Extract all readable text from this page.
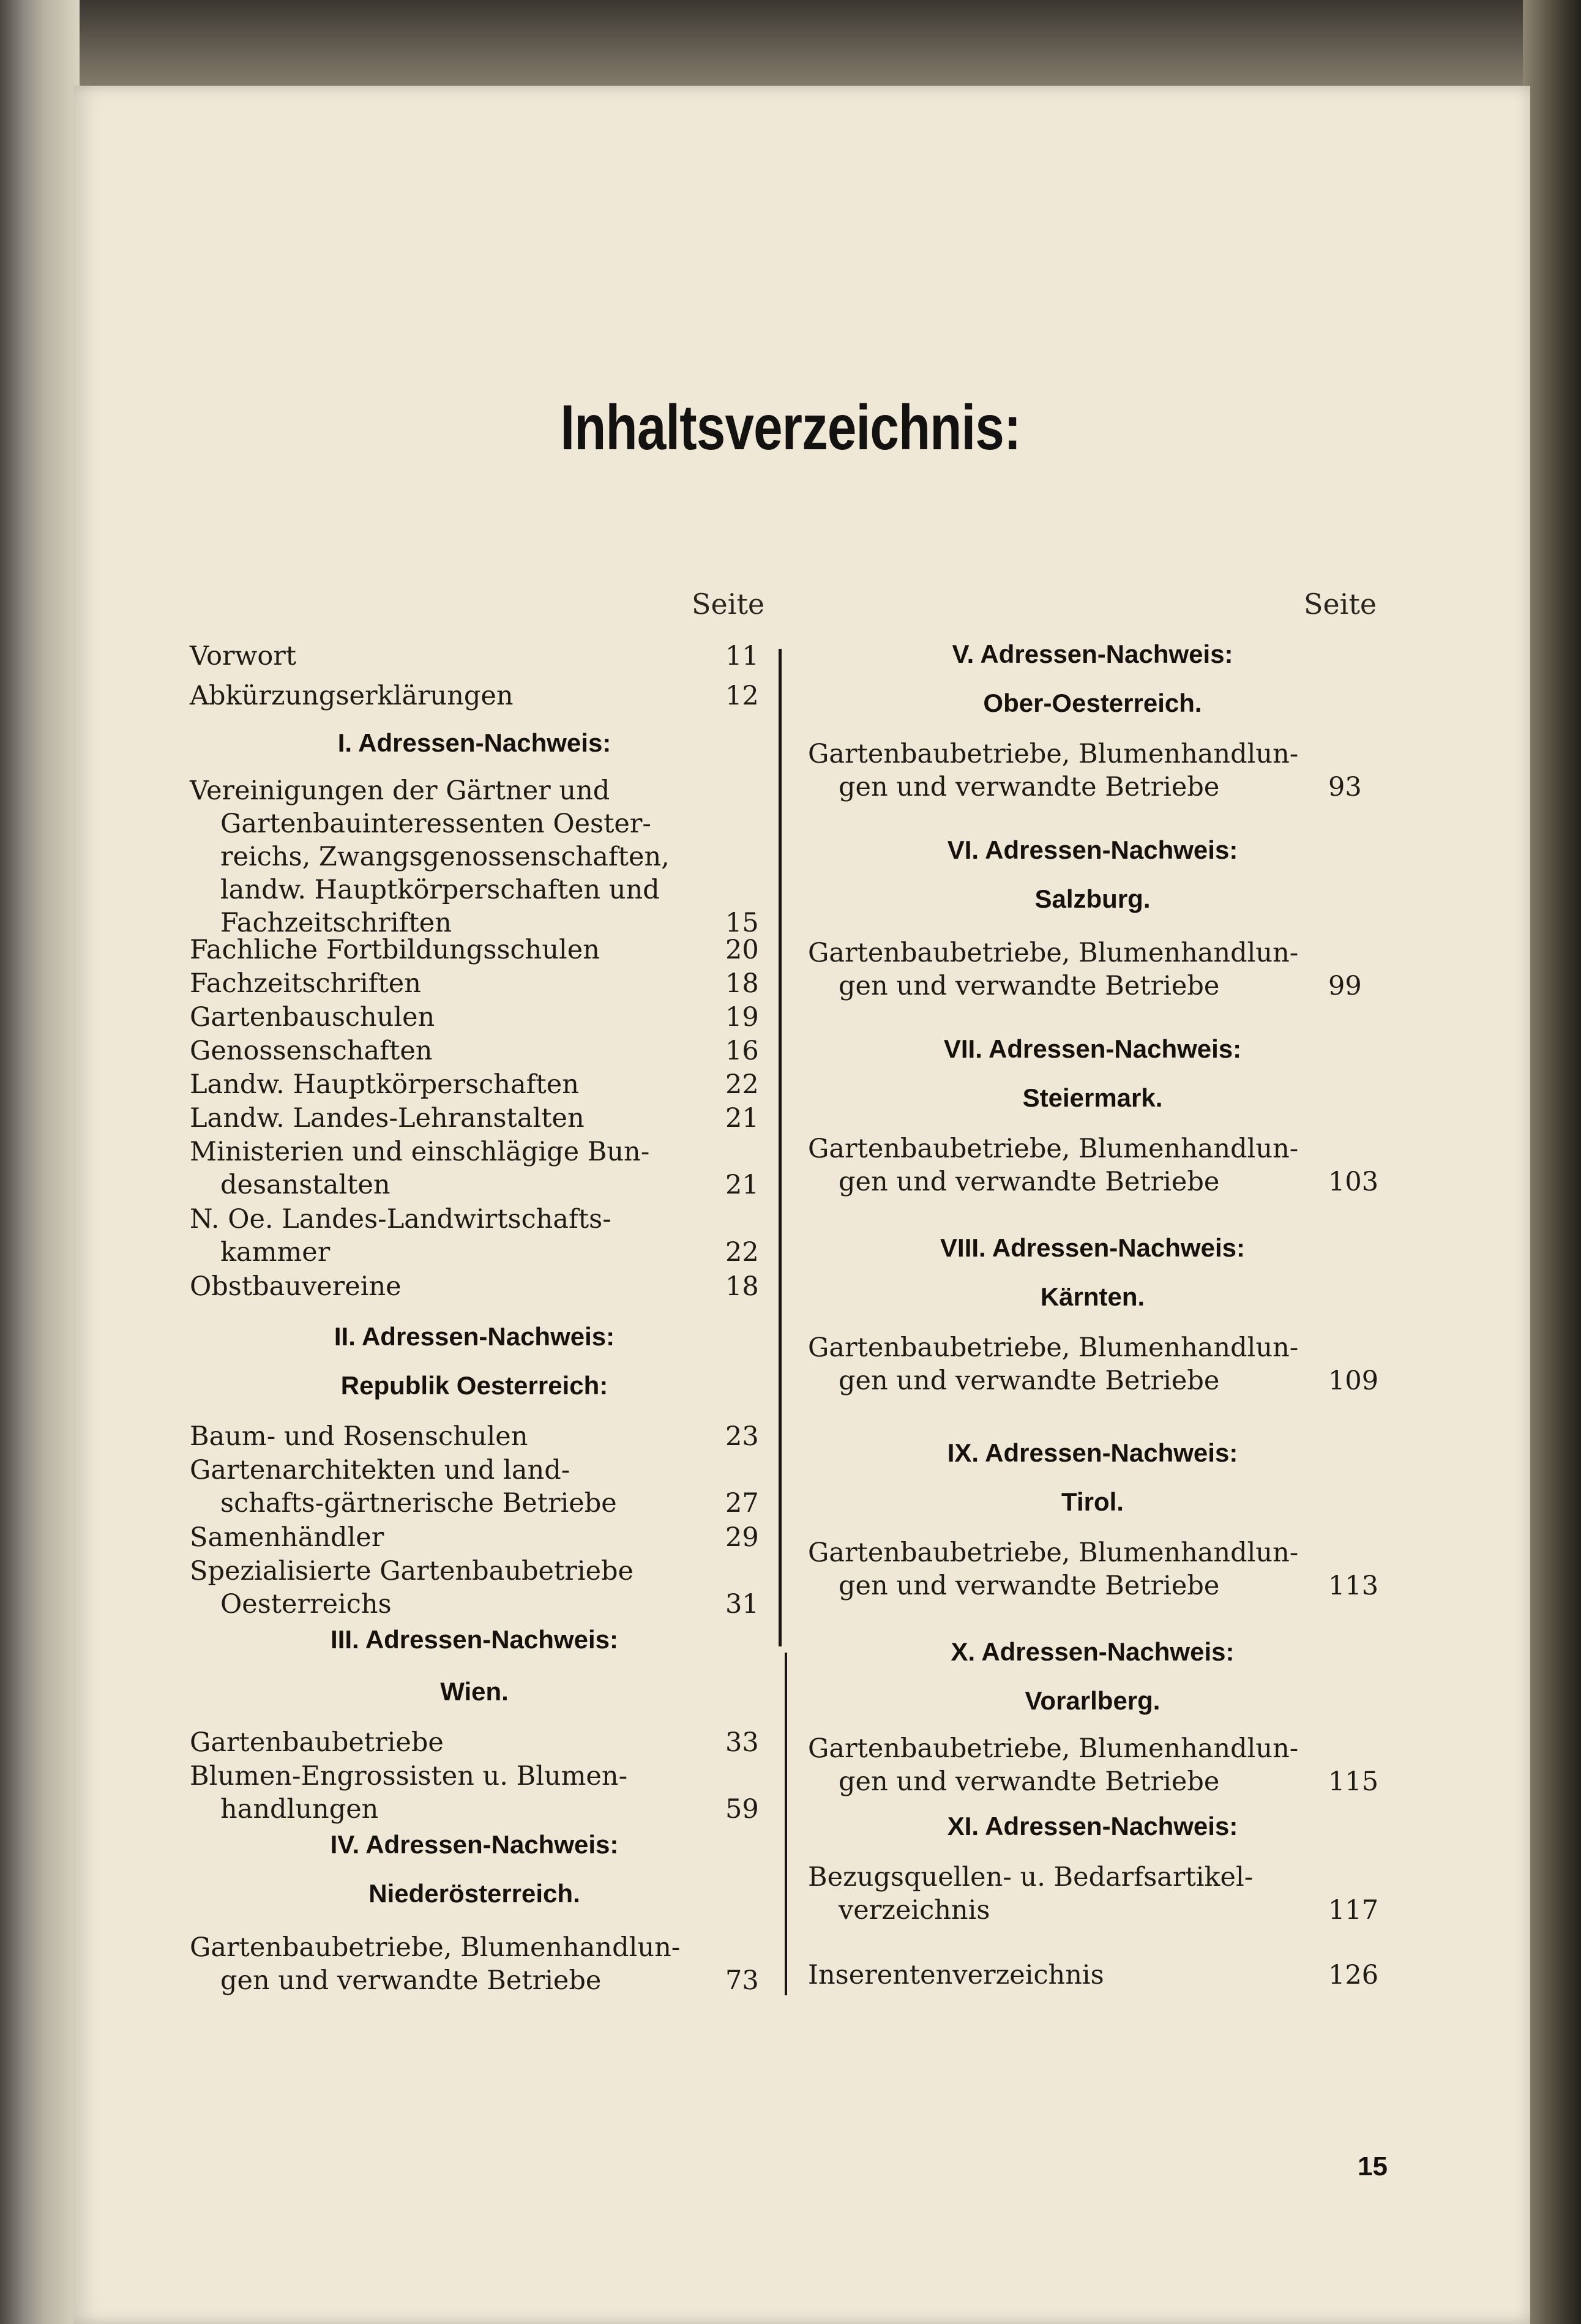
Inhaltsverzeichnis:
Seite	Seite
Vorwort	11
Abkürzungserklärungen	12
I. Adressen-Nachweis:
Vereinigungen der Gärtner und
Gartenbauinteressenten Oester-
reichs, Zwangsgenossenschaften,
landw. Hauptkörperschaften und
Fachzeitschriften	15
Fachliche Fortbildungsschulen	20
Fachzeitschriften	18
Gartenbauschulen	19
Genossenschaften	16
Landw. Hauptkörperschaften	22
Landw. Landes-Lehranstalten	21
Ministerien und einschlägige Bun-
desanstalten	21
N. Oe. Landes-Landwirtschafts-
kammer	22
Obstbauvereine	18
II. Adressen-Nachweis:
Republik Oesterreich:
Baum- und Rosenschulen	23
Gartenarchitekten und land-
schafts-gärtnerische Betriebe	27
Samenhändler	29
Spezialisierte Gartenbaubetriebe
Oesterreichs	31
III. Adressen-Nachweis:
Wien.
Gartenbaubetriebe	33
Blumen-Engrossisten u. Blumen-
handlungen	59
IV. Adressen-Nachweis:
Niederösterreich.
Gartenbaubetriebe, Blumenhandlun-
gen und verwandte Betriebe	73
V. Adressen-Nachweis:
Ober-Oesterreich.
Gartenbaubetriebe, Blumenhandlun-
gen und verwandte Betriebe	93
VI. Adressen-Nachweis:
Salzburg.
Gartenbaubetriebe, Blumenhandlun-
gen und verwandte Betriebe	99
VII. Adressen-Nachweis:
Steiermark.
Gartenbaubetriebe, Blumenhandlun-
gen und verwandte Betriebe	103
VIII. Adressen-Nachweis:
Kärnten.
Gartenbaubetriebe, Blumenhandlun-
gen und verwandte Betriebe	109
IX. Adressen-Nachweis:
Tirol.
Gartenbaubetriebe, Blumenhandlun-
gen und verwandte Betriebe	113
X. Adressen-Nachweis:
Vorarlberg.
Gartenbaubetriebe, Blumenhandlun-
gen und verwandte Betriebe	115
XI. Adressen-Nachweis:
Bezugsquellen- u. Bedarfsartikel-
verzeichnis	117
Inserentenverzeichnis	126
15
